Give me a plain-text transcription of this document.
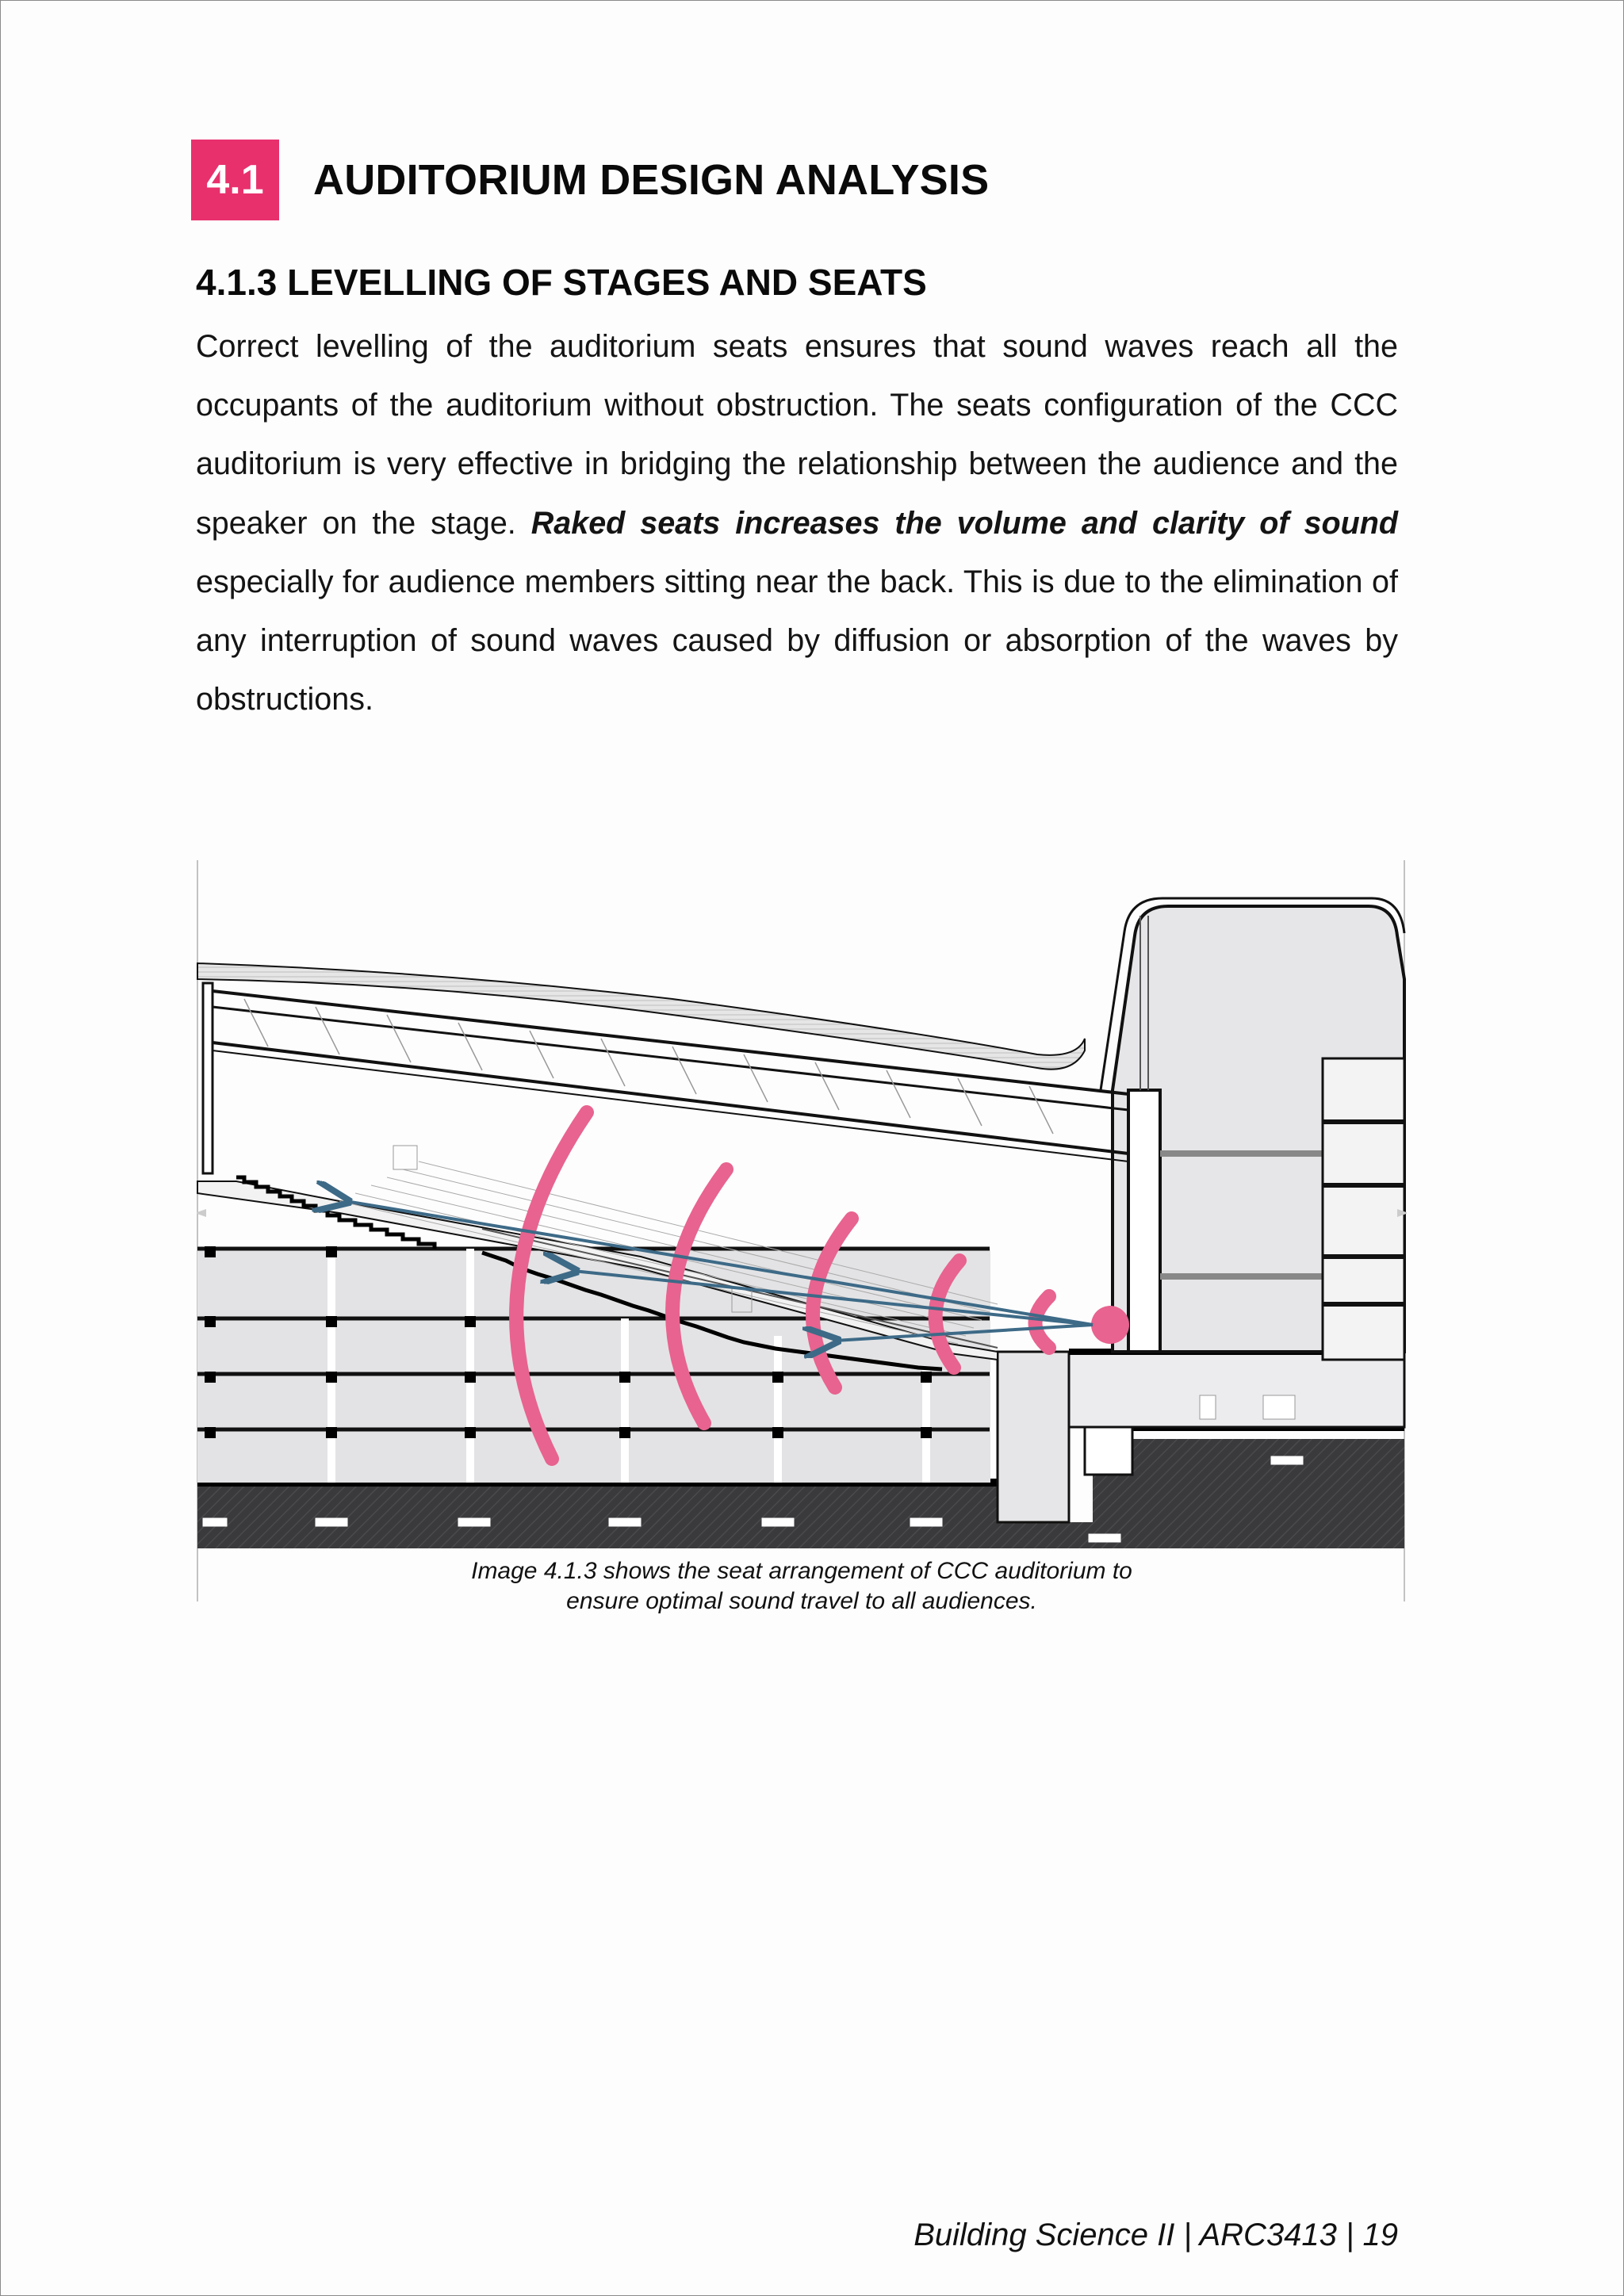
4.1	AUDITORIUM DESIGN ANALYSIS
4.1.3 LEVELLING OF STAGES AND SEATS
Correct levelling of the auditorium seats ensures that sound waves reach all the occupants of the auditorium without obstruction. The seats configuration of the CCC auditorium is very effective in bridging the relationship between the audience and the speaker on the stage. Raked seats increases the volume and clarity of sound especially for audience members sitting near the back. This is due to the elimination of any interruption of sound waves caused by diffusion or absorption of the waves by obstructions.
Image 4.1.3 shows the seat arrangement of CCC auditorium to
ensure optimal sound travel to all audiences.
Building Science II | ARC3413 | 19
